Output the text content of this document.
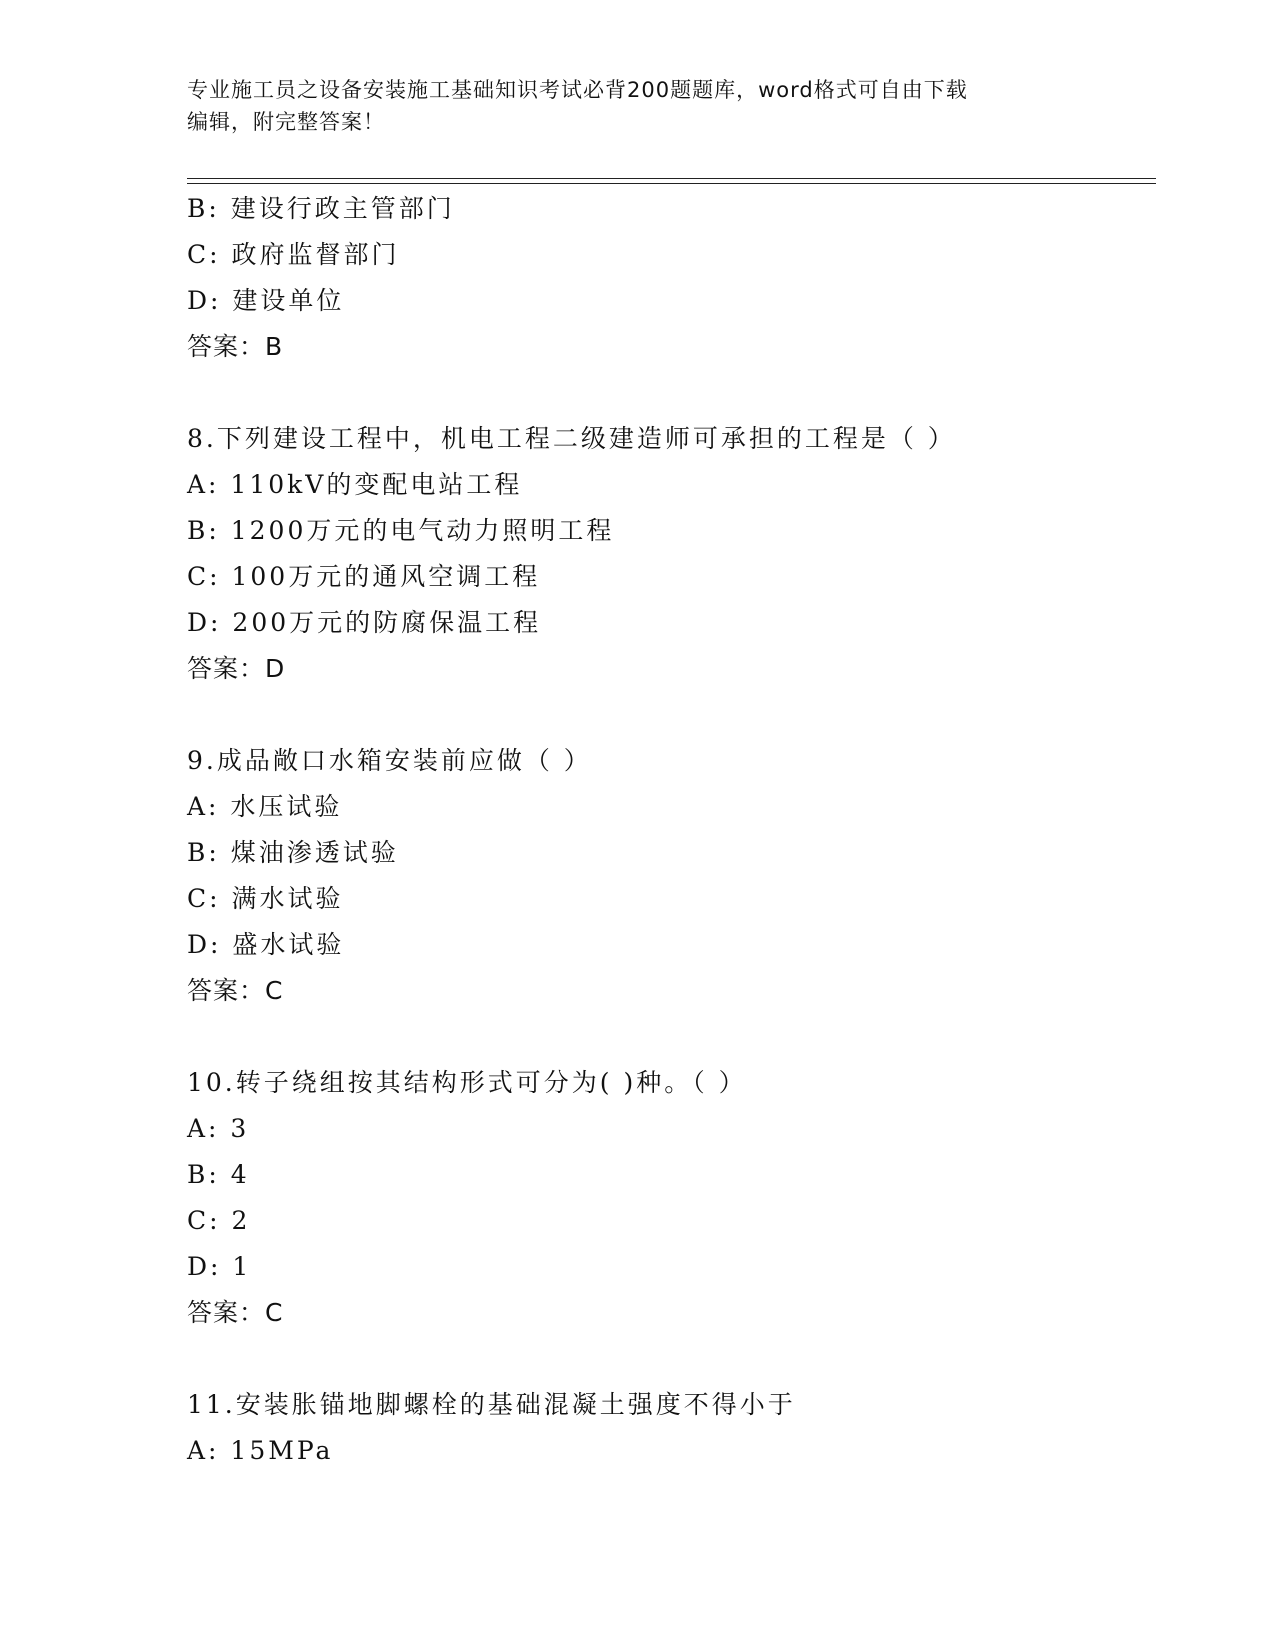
专业施工员之设备安装施工基础知识考试必背200题题库，word格式可自由下载
编辑，附完整答案！
B: 建设行政主管部门
C: 政府监督部门
D: 建设单位
答案：B
8.下列建设工程中，机电工程二级建造师可承担的工程是（ ）
A: 110kV的变配电站工程
B: 1200万元的电气动力照明工程
C: 100万元的通风空调工程
D: 200万元的防腐保温工程
答案：D
9.成品敞口水箱安装前应做（ ）
A: 水压试验
B: 煤油渗透试验
C: 满水试验
D: 盛水试验
答案：C
10.转子绕组按其结构形式可分为( )种。（ ）
A: 3
B: 4
C: 2
D: 1
答案：C
11.安装胀锚地脚螺栓的基础混凝土强度不得小于
A: 15MPa
